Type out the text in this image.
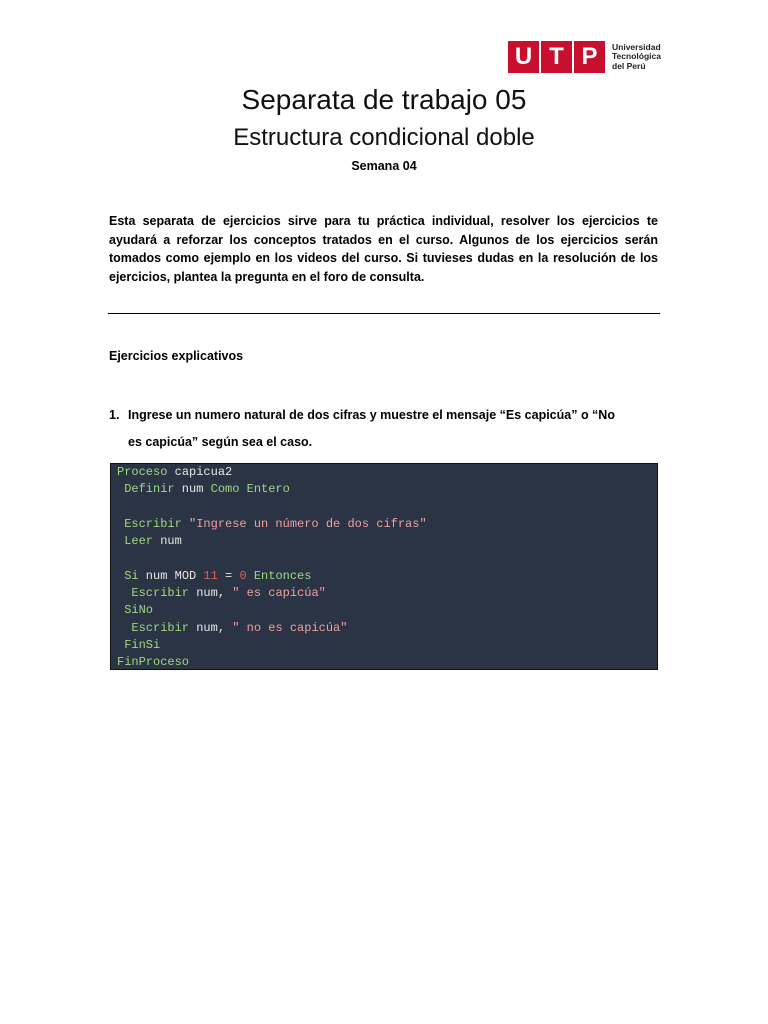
U T P	Universidad
Tecnológica
del Perú
Separata de trabajo 05
Estructura condicional doble
Semana 04
Esta separata de ejercicios sirve para tu práctica individual, resolver los ejercicios te ayudará a reforzar los conceptos tratados en el curso. Algunos de los ejercicios serán tomados como ejemplo en los videos del curso. Si tuvieses dudas en la resolución de los ejercicios, plantea la pregunta en el foro de consulta.
Ejercicios explicativos
1. Ingrese un numero natural de dos cifras y muestre el mensaje “Es capicúa” o “No es capicúa” según sea el caso.
Proceso capicua2
Definir num Como Entero
Escribir "Ingrese un número de dos cifras"
Leer num
Si num MOD 11 = 0 Entonces
Escribir num, " es capicúa"
SiNo
Escribir num, " no es capicúa"
FinSi
FinProceso
